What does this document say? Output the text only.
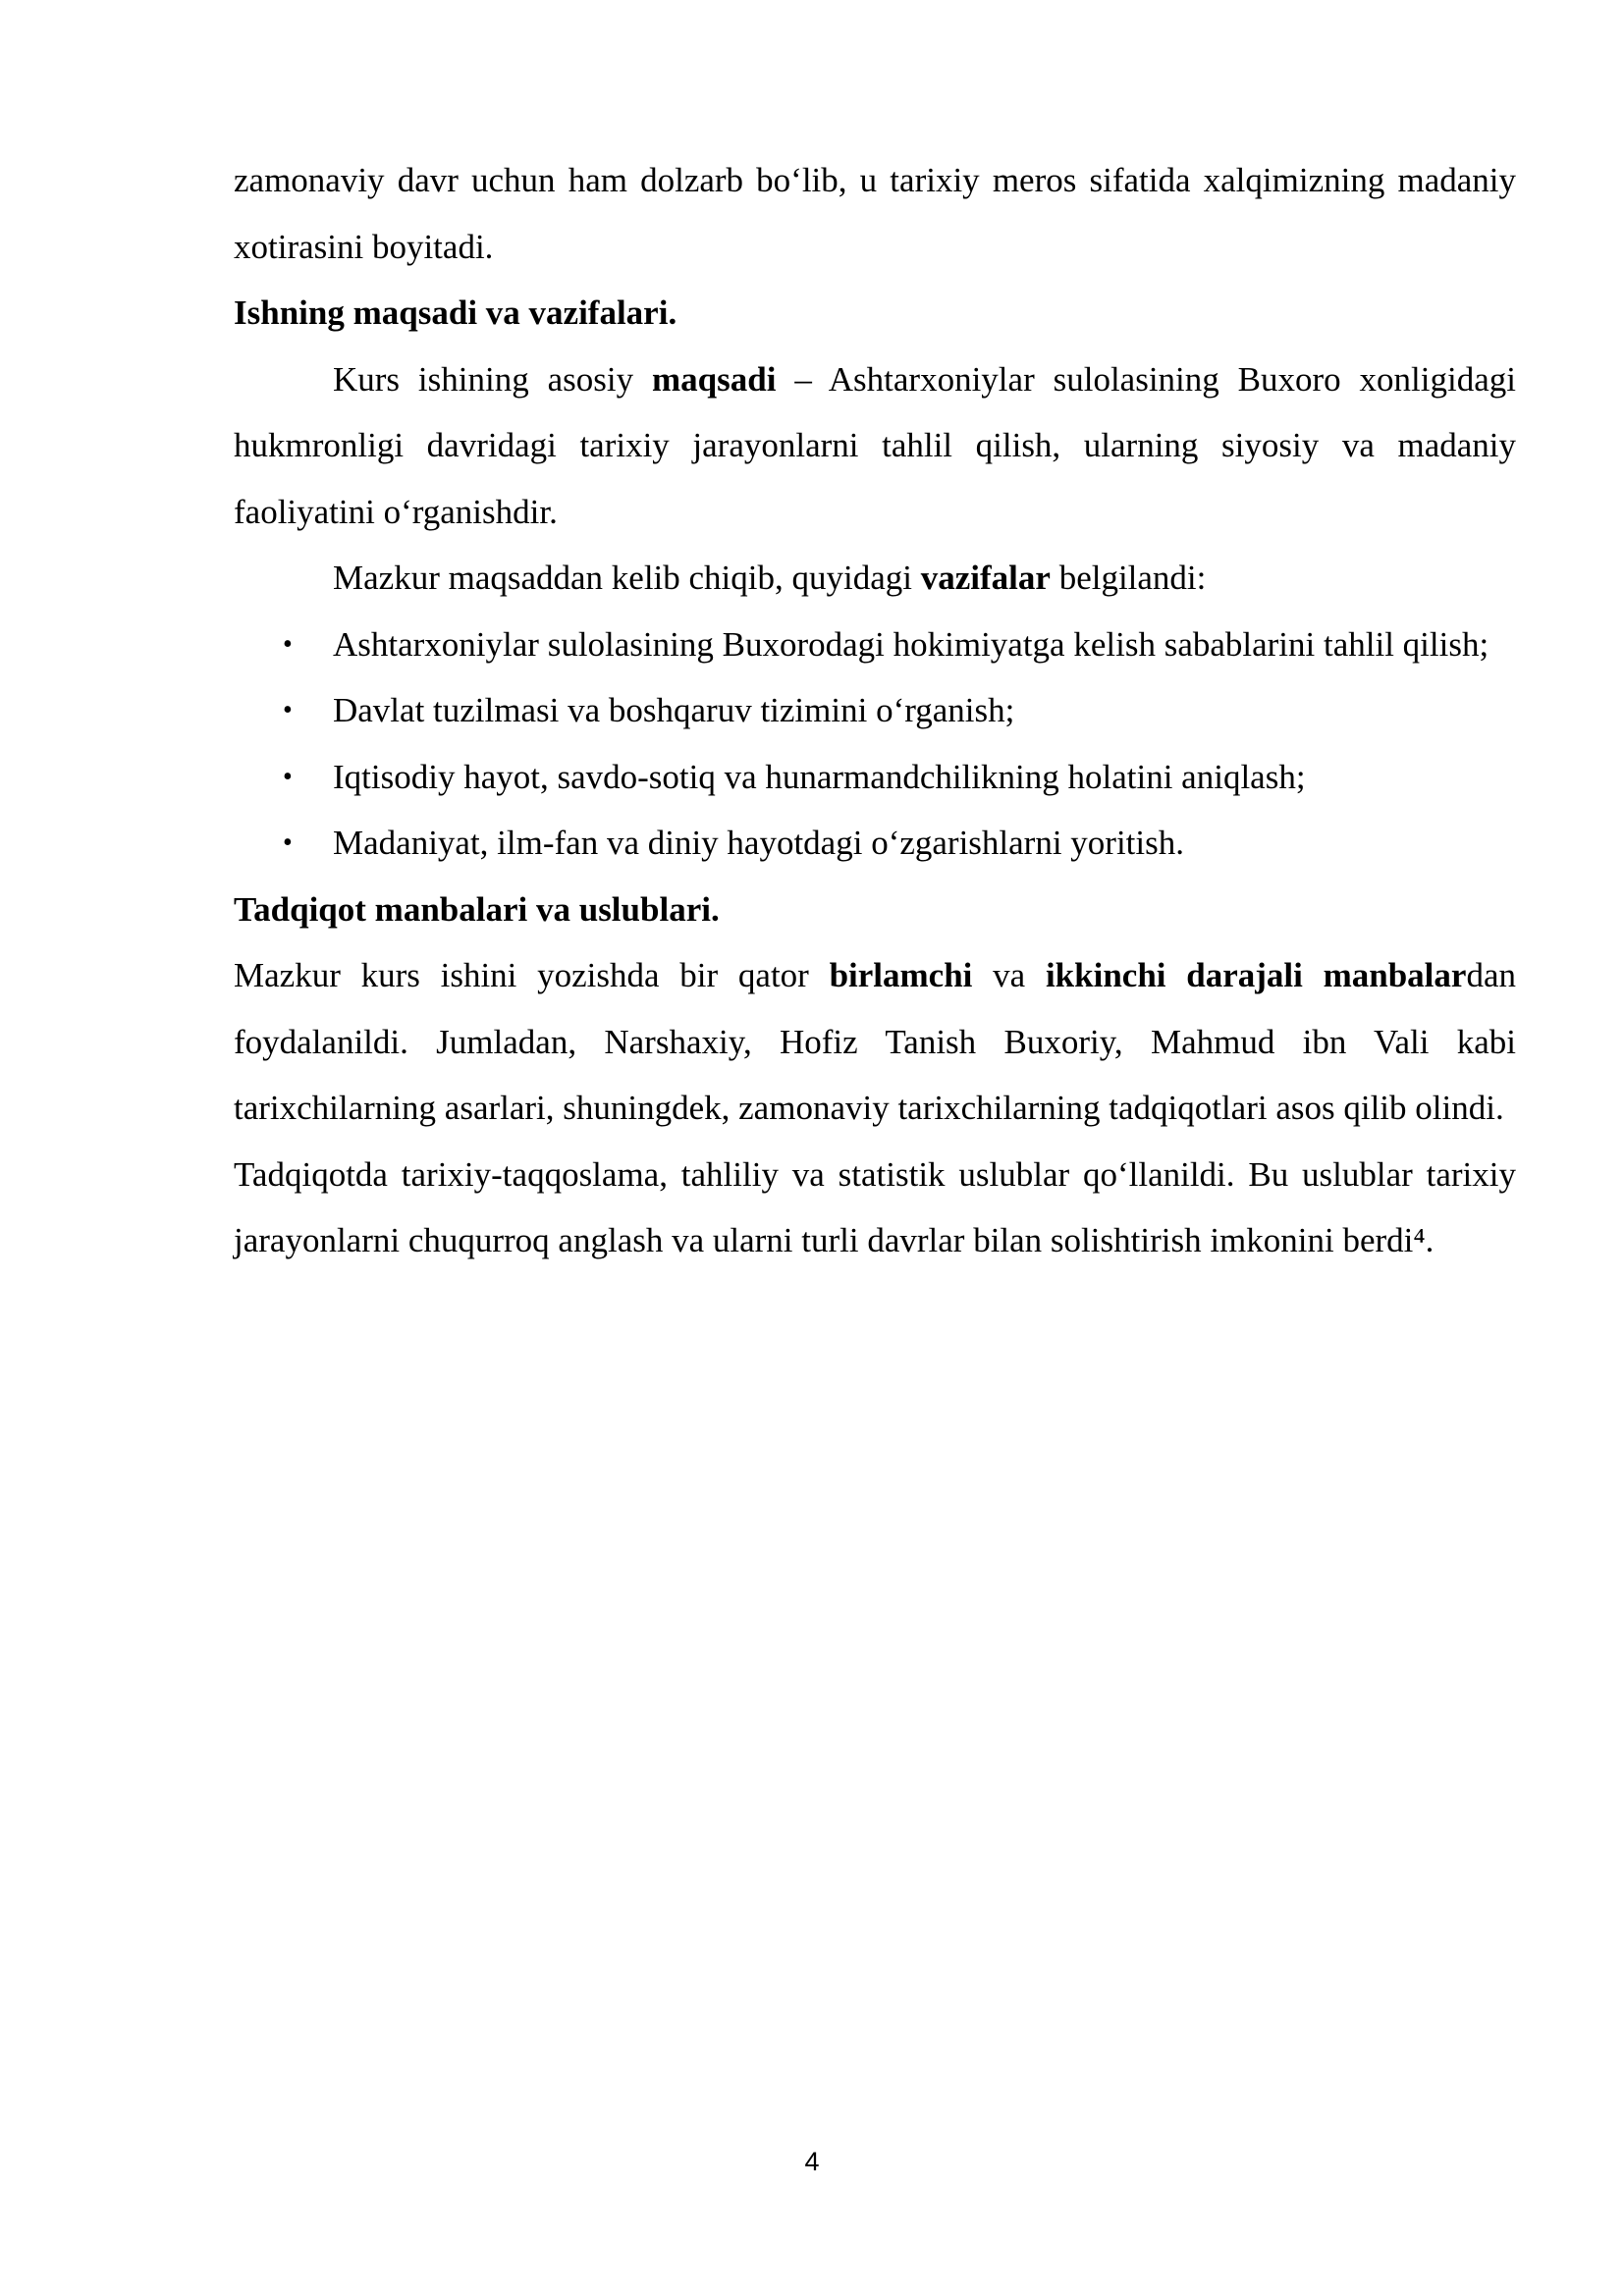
zamonaviy davr uchun ham dolzarb bo‘lib, u tarixiy meros sifatida xalqimizning madaniy xotirasini boyitadi.

Ishning maqsadi va vazifalari.

Kurs ishining asosiy maqsadi – Ashtarxoniylar sulolasining Buxoro xonligidagi hukmronligi davridagi tarixiy jarayonlarni tahlil qilish, ularning siyosiy va madaniy faoliyatini o‘rganishdir.

Mazkur maqsaddan kelib chiqib, quyidagi vazifalar belgilandi:

• Ashtarxoniylar sulolasining Buxorodagi hokimiyatga kelish sabablarini tahlil qilish;
• Davlat tuzilmasi va boshqaruv tizimini o‘rganish;
• Iqtisodiy hayot, savdo-sotiq va hunarmandchilikning holatini aniqlash;
• Madaniyat, ilm-fan va diniy hayotdagi o‘zgarishlarni yoritish.

Tadqiqot manbalari va uslublari.

Mazkur kurs ishini yozishda bir qator birlamchi va ikkinchi darajali manbalardan foydalanildi. Jumladan, Narshaxiy, Hofiz Tanish Buxoriy, Mahmud ibn Vali kabi tarixchilarning asarlari, shuningdek, zamonaviy tarixchilarning tadqiqotlari asos qilib olindi.

Tadqiqotda tarixiy-taqqoslama, tahliliy va statistik uslublar qo‘llanildi. Bu uslublar tarixiy jarayonlarni chuqurroq anglash va ularni turli davrlar bilan solishtirish imkonini berdi⁴.

4
